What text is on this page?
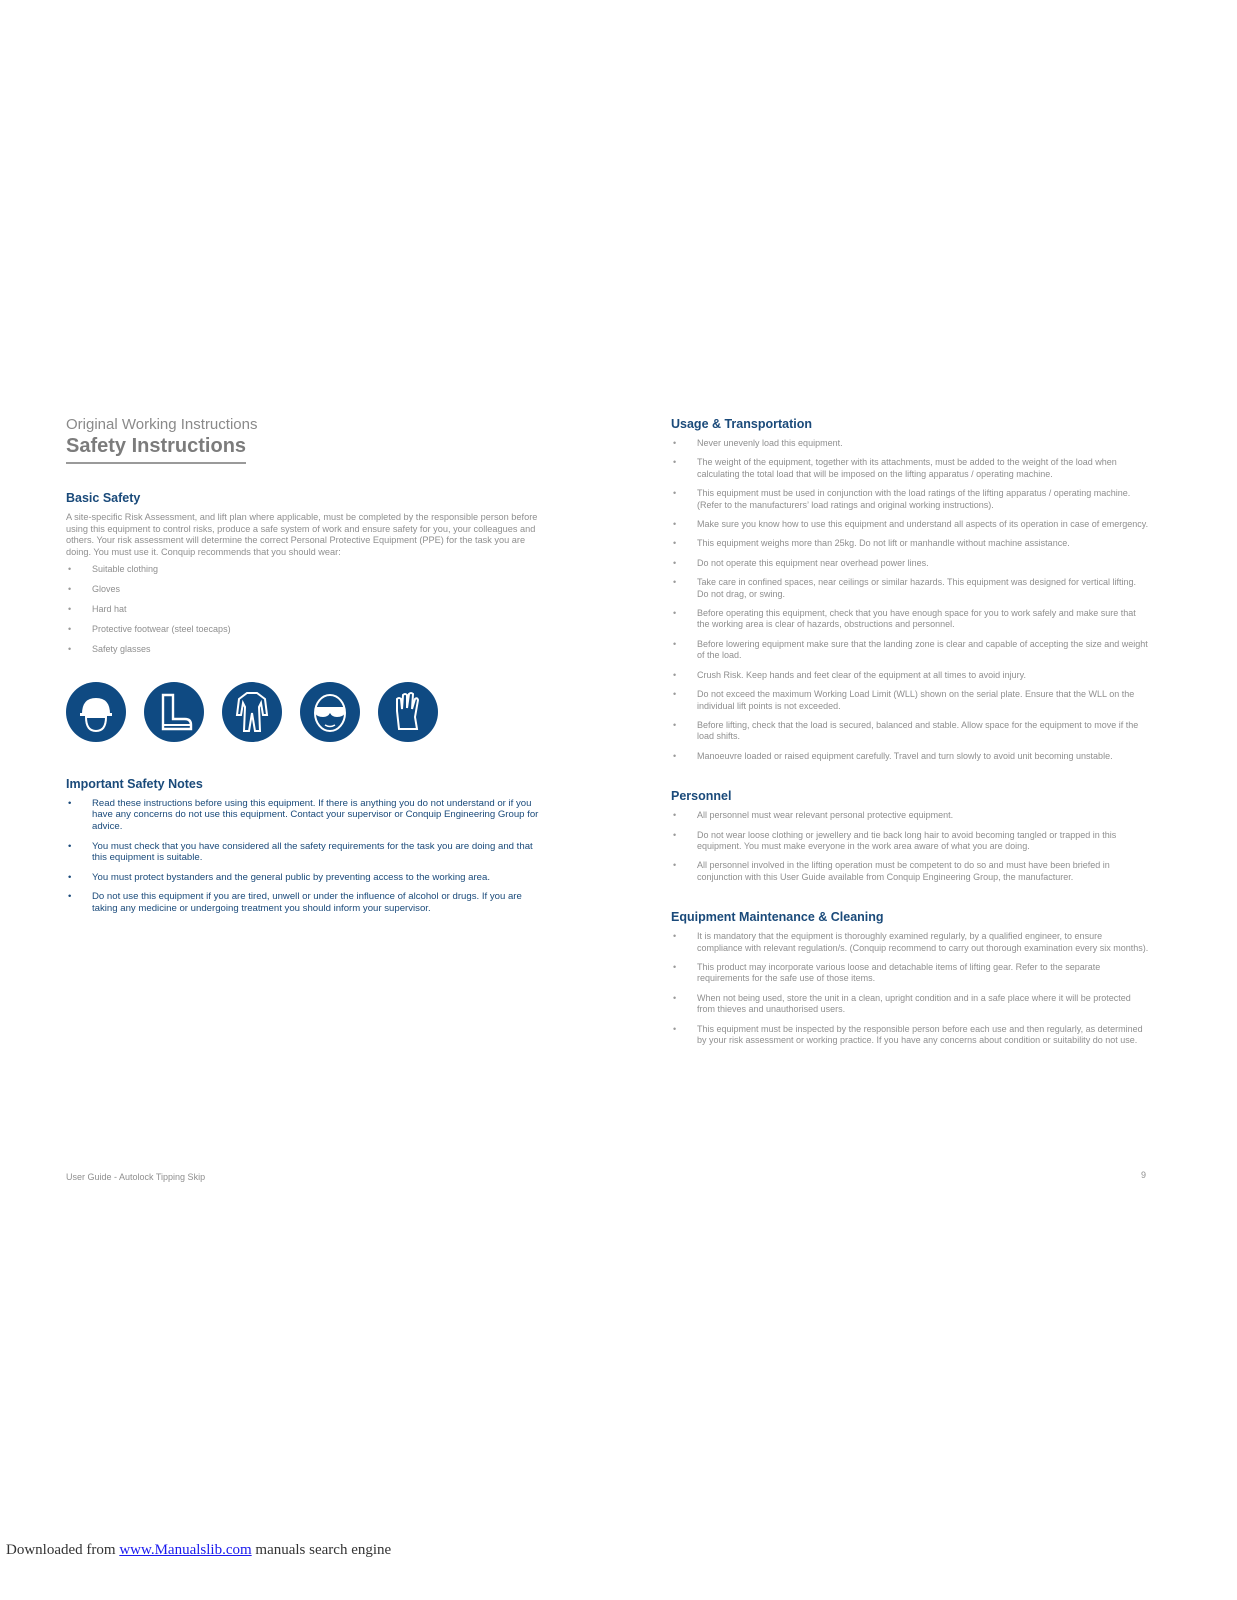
Original Working Instructions

Safety Instructions
Basic Safety

A site-specific Risk Assessment, and lift plan where applicable, must be completed by the responsible person before using this equipment to control risks, produce a safe system of work and ensure safety for you, your colleagues and others. Your risk assessment will determine the correct Personal Protective Equipment (PPE) for the task you are doing. You must use it. Conquip recommends that you should wear:

• Suitable clothing
• Gloves
• Hard hat
• Protective footwear (steel toecaps)
• Safety glasses
Important Safety Notes
• Read these instructions before using this equipment. If there is anything you do not understand or if you have any concerns do not use this equipment. Contact your supervisor or Conquip Engineering Group for advice.
• You must check that you have considered all the safety requirements for the task you are doing and that this equipment is suitable.
• You must protect bystanders and the general public by preventing access to the working area.
• Do not use this equipment if you are tired, unwell or under the influence of alcohol or drugs. If you are taking any medicine or undergoing treatment you should inform your supervisor.
Usage & Transportation
• Never unevenly load this equipment.
• The weight of the equipment, together with its attachments, must be added to the weight of the load when calculating the total load that will be imposed on the lifting apparatus / operating machine.
• This equipment must be used in conjunction with the load ratings of the lifting apparatus / operating machine. (Refer to the manufacturers’ load ratings and original working instructions).
• Make sure you know how to use this equipment and understand all aspects of its operation in case of emergency.
• This equipment weighs more than 25kg. Do not lift or manhandle without machine assistance.
• Do not operate this equipment near overhead power lines.
• Take care in confined spaces, near ceilings or similar hazards. This equipment was designed for vertical lifting. Do not drag, or swing.
• Before operating this equipment, check that you have enough space for you to work safely and make sure that the working area is clear of hazards, obstructions and personnel.
• Before lowering equipment make sure that the landing zone is clear and capable of accepting the size and weight of the load.
• Crush Risk. Keep hands and feet clear of the equipment at all times to avoid injury.
• Do not exceed the maximum Working Load Limit (WLL) shown on the serial plate. Ensure that the WLL on the individual lift points is not exceeded.
• Before lifting, check that the load is secured, balanced and stable. Allow space for the equipment to move if the load shifts.
• Manoeuvre loaded or raised equipment carefully. Travel and turn slowly to avoid unit becoming unstable.
Personnel
• All personnel must wear relevant personal protective equipment.
• Do not wear loose clothing or jewellery and tie back long hair to avoid becoming tangled or trapped in this equipment. You must make everyone in the work area aware of what you are doing.
• All personnel involved in the lifting operation must be competent to do so and must have been briefed in conjunction with this User Guide available from Conquip Engineering Group, the manufacturer.
Equipment Maintenance & Cleaning
• It is mandatory that the equipment is thoroughly examined regularly, by a qualified engineer, to ensure compliance with relevant regulation/s. (Conquip recommend to carry out thorough examination every six months).
• This product may incorporate various loose and detachable items of lifting gear. Refer to the separate requirements for the safe use of those items.
• When not being used, store the unit in a clean, upright condition and in a safe place where it will be protected from thieves and unauthorised users.
• This equipment must be inspected by the responsible person before each use and then regularly, as determined by your risk assessment or working practice. If you have any concerns about condition or suitability do not use.
User Guide - Autolock Tipping Skip	9
Downloaded from www.Manualslib.com manuals search engine
